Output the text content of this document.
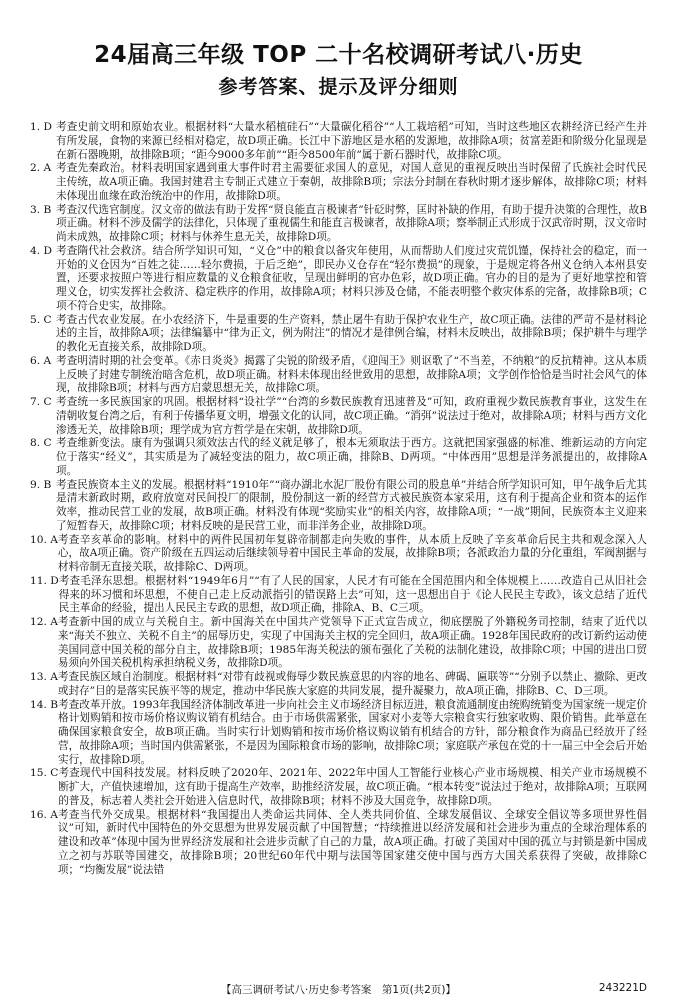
24届高三年级 TOP 二十名校调研考试八·历史
参考答案、提示及评分细则
1. D 考查史前文明和原始农业。根据材料“大量水稻植硅石”“大量碳化稻谷”“人工栽培稻”可知，当时这些地区农耕经济已经产生并有所发展，食物的来源已经相对稳定，故D项正确。长江中下游地区是水稻的发源地，故排除A项；贫富差距和阶级分化显现是在新石器晚期，故排除B项；“距今9000多年前”“距今8500年前”属于新石器时代，故排除C项。
2. A 考查先秦政治。材料表明国家遇到重大事件时君主需要征求国人的意见，对国人意见的重视反映出当时保留了氏族社会时代民主传统，故A项正确。我国封建君主专制正式建立于秦朝，故排除B项；宗法分封制在春秋时期才逐步解体，故排除C项；材料未体现出血缘在政治统治中的作用，故排除D项。
3. B 考查汉代选官制度。汉文帝的做法有助于发挥“贤良能直言极谏者”针砭时弊，匡时补缺的作用，有助于提升决策的合理性，故B项正确。材料不涉及儒学的法律化，只体现了重视儒生和能直言极谏者，故排除A项；察举制正式形成于汉武帝时期，汉文帝时尚未成熟，故排除C项；材料与休养生息无关，故排除D项。
4. D 考查隋代社会救济。结合所学知识可知，“义仓”中的粮食以备灾年使用，从而帮助人们度过灾荒饥馑，保持社会的稳定，而一开始的义仓因为“百姓之徒……轻尔费损，于后乏绝”，即民办义仓存在“轻尔费损”的现象，于是规定将各州义仓纳入本州县安置，还要求按照户等进行相应数量的义仓粮食征收，呈现出鲜明的官办色彩，故D项正确。官办的目的是为了更好地掌控和管理义仓，切实发挥社会救济、稳定秩序的作用，故排除A项；材料只涉及仓储，不能表明整个救灾体系的完备，故排除B项；C项不符合史实，故排除。
5. C 考查古代农业发展。在小农经济下，牛是重要的生产资料，禁止屠牛有助于保护农业生产，故C项正确。法律的严苛不是材料论述的主旨，故排除A项；法律编纂中“律为正文，例为附注”的情况才是律例合编，材料未反映出，故排除B项；保护耕牛与理学的教化无直接关系，故排除D项。
6. A 考查明清时期的社会变革。《赤日炎炎》揭露了尖锐的阶级矛盾，《迎闯王》则讴歌了“不当差，不纳粮”的反抗精神。这从本质上反映了封建专制统治暗含危机，故D项正确。材料未体现出经世致用的思想，故排除A项；文学创作恰恰是当时社会风气的体现，故排除B项；材料与西方启蒙思想无关，故排除C项。
7. C 考查统一多民族国家的巩固。根据材料“设社学”“台湾的乡数民族教育迅速普及”可知，政府重视少数民族教育事业，这发生在清朝收复台湾之后，有利于传播华夏文明，增强文化的认同，故C项正确。“消弭”说法过于绝对，故排除A项；材料与西方文化渗透无关，故排除B项；理学成为官方哲学是在宋朝，故排除D项。
8. C 考查维新变法。康有为强调只须效法古代的经义就足够了，根本无须取法于西方。这就把国家强盛的标准、维新运动的方向定位于落实“经义”，其实质是为了减轻变法的阻力，故C项正确，排除B、D两项。“中体西用”思想是洋务派提出的，故排除A项。
9. B 考查民族资本主义的发展。根据材料“1910年”“商办湖北水泥厂股份有限公司的股息单”并结合所学知识可知，甲午战争后尤其是清末新政时期，政府放宽对民间投厂的限制，股份制这一新的经营方式被民族资本家采用，这有利于提高企业和资本的运作效率，推动民营工业的发展，故B项正确。材料没有体现“奖励实业”的相关内容，故排除A项；“一战”期间，民族资本主义迎来了短暂春天，故排除C项；材料反映的是民营工业，而非洋务企业，故排除D项。
10. A 考查辛亥革命的影响。材料中的两件民国初年复辟帝制都走向失败的事件，从本质上反映了辛亥革命后民主共和观念深入人心，故A项正确。资产阶级在五四运动后继续领导着中国民主革命的发展，故排除B项；各派政治力量的分化重组，军阀割据与材料帝制无直接关联，故排除C、D两项。
11. D 考查毛泽东思想。根据材料“1949年6月”“有了人民的国家，人民才有可能在全国范围内和全体规模上……改造自己从旧社会得来的坏习惯和坏思想，不使自己走上反动派指引的错误路上去”可知，这一思想出自于《论人民民主专政》，该文总结了近代民主革命的经验，提出人民民主专政的思想，故D项正确，排除A、B、C三项。
12. A 考查新中国的成立与关税自主。新中国海关在中国共产党领导下正式宣告成立，彻底摆脱了外籍税务司控制，结束了近代以来“海关不独立、关税不自主”的屈辱历史，实现了中国海关主权的完全回归，故A项正确。1928年国民政府的改订新约运动使美国同意中国关税的部分自主，故排除B项；1985年海关税法的颁布强化了关税的法制化建设，故排除C项；中国的进出口贸易须向外国关税机构承担纳税义务，故排除D项。
13. A 考查民族区域自治制度。根据材料“对带有歧视或侮辱少数民族意思的内容的地名、碑碣、匾联等”“分别予以禁止、撤除、更改或封存”目的是落实民族平等的规定，推动中华民族大家庭的共同发展，提升凝聚力，故A项正确，排除B、C、D三项。
14. B 考查改革开放。1993年我国经济体制改革进一步向社会主义市场经济目标迈进，粮食流通制度由统购统销变为国家统一规定价格计划购销和按市场价格议购议销有机结合。由于市场供需紧张，国家对小麦等大宗粮食实行独家收购、限价销售。此举意在确保国家粮食安全，故B项正确。当时实行计划购销和按市场价格议购议销有机结合的方针，部分粮食作为商品已经放开了经营，故排除A项；当时国内供需紧张，不是因为国际粮食市场的影响，故排除C项；家庭联产承包在党的十一届三中全会后开始实行，故排除D项。
15. C 考查现代中国科技发展。材料反映了2020年、2021年、2022年中国人工智能行业核心产业市场规模、相关产业市场规模不断扩大，产值快速增加，这有助于提高生产效率，助推经济发展，故C项正确。“根本转变”说法过于绝对，故排除A项；互联网的普及，标志着人类社会开始进入信息时代，故排除B项；材料不涉及大国竞争，故排除D项。
16. A 考查当代外交成果。根据材料“我国提出人类命运共同体、全人类共同价值、全球发展倡议、全球安全倡议等多项世界性倡议”可知，新时代中国特色的外交思想为世界发展贡献了中国智慧；“持续推进以经济发展和社会进步为重点的全球治理体系的建设和改革”体现中国为世界经济发展和社会进步贡献了自己的力量，故A项正确。打破了美国对中国的孤立与封锁是新中国成立之初与苏联等国建交，故排除B项；20世纪60年代中期与法国等国家建交使中国与西方大国关系获得了突破，故排除C项；“均衡发展”说法错
【高三调研考试八·历史参考答案　第1页(共2页)】	243221D
